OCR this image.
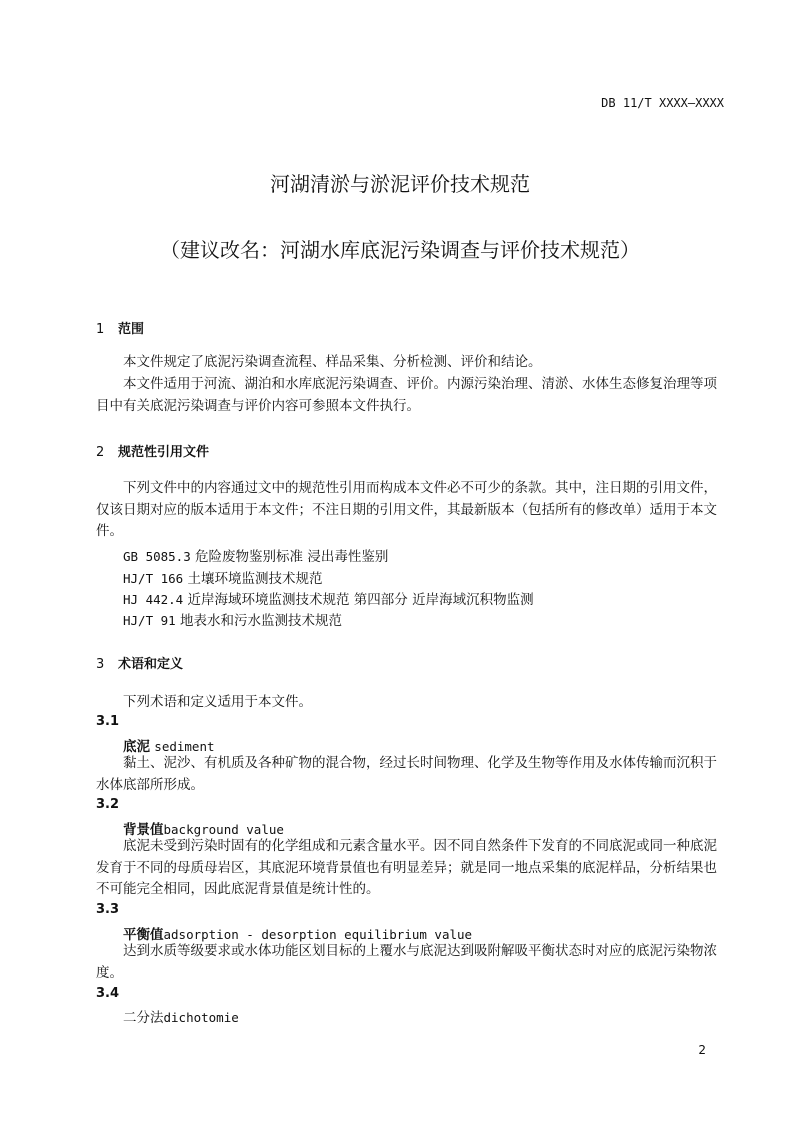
DB 11/T XXXX—XXXX
河湖清淤与淤泥评价技术规范
（建议改名：河湖水库底泥污染调查与评价技术规范）
1 范围
本文件规定了底泥污染调查流程、样品采集、分析检测、评价和结论。
本文件适用于河流、湖泊和水库底泥污染调查、评价。内源污染治理、清淤、水体生态修复治理等项目中有关底泥污染调查与评价内容可参照本文件执行。
2 规范性引用文件
下列文件中的内容通过文中的规范性引用而构成本文件必不可少的条款。其中，注日期的引用文件，仅该日期对应的版本适用于本文件；不注日期的引用文件，其最新版本（包括所有的修改单）适用于本文件。
GB 5085.3 危险废物鉴别标准 浸出毒性鉴别
HJ/T 166 土壤环境监测技术规范
HJ 442.4 近岸海域环境监测技术规范 第四部分 近岸海域沉积物监测
HJ/T 91 地表水和污水监测技术规范
3 术语和定义
下列术语和定义适用于本文件。
3.1
底泥 sediment
黏土、泥沙、有机质及各种矿物的混合物，经过长时间物理、化学及生物等作用及水体传输而沉积于水体底部所形成。
3.2
背景值background value
底泥未受到污染时固有的化学组成和元素含量水平。因不同自然条件下发育的不同底泥或同一种底泥发育于不同的母质母岩区，其底泥环境背景值也有明显差异；就是同一地点采集的底泥样品，分析结果也不可能完全相同，因此底泥背景值是统计性的。
3.3
平衡值adsorption - desorption equilibrium value
达到水质等级要求或水体功能区划目标的上覆水与底泥达到吸附解吸平衡状态时对应的底泥污染物浓度。
3.4
二分法dichotomie
2
